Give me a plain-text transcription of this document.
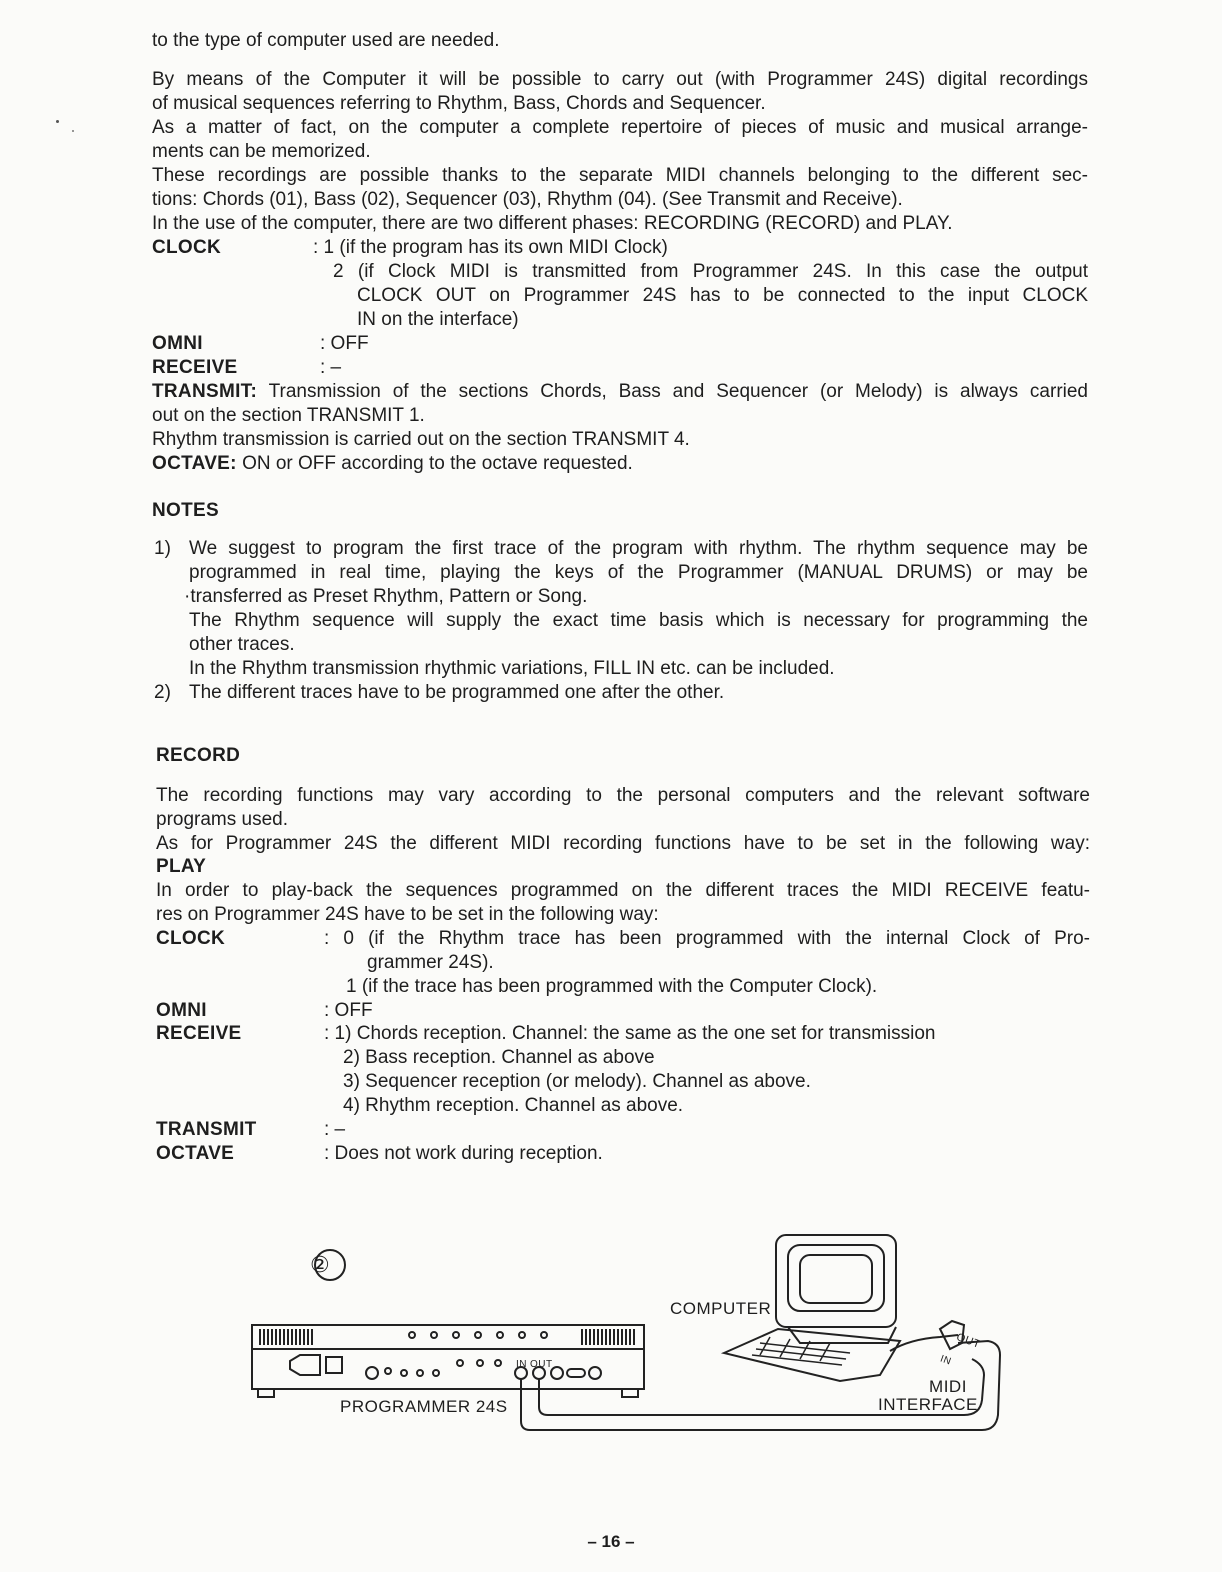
to the type of computer used are needed.
By means of the Computer it will be possible to carry out (with Programmer 24S) digital recordings
of musical sequences referring to Rhythm, Bass, Chords and Sequencer.
As a matter of fact, on the computer a complete repertoire of pieces of music and musical arrange-
ments can be memorized.
These recordings are possible thanks to the separate MIDI channels belonging to the different sec-
tions: Chords (01), Bass (02), Sequencer (03), Rhythm (04). (See Transmit and Receive).
In the use of the computer, there are two different phases: RECORDING (RECORD) and PLAY.
CLOCK	: 1 (if the program has its own MIDI Clock)
2 (if Clock MIDI is transmitted from Programmer 24S. In this case the output
CLOCK OUT on Programmer 24S has to be connected to the input CLOCK
IN on the interface)
OMNI	: OFF
RECEIVE	: –
TRANSMIT: Transmission of the sections Chords, Bass and Sequencer (or Melody) is always carried
out on the section TRANSMIT 1.
Rhythm transmission is carried out on the section TRANSMIT 4.
OCTAVE: ON or OFF according to the octave requested.
NOTES
1) We suggest to program the first trace of the program with rhythm. The rhythm sequence may be
programmed in real time, playing the keys of the Programmer (MANUAL DRUMS) or may be
·transferred as Preset Rhythm, Pattern or Song.
The Rhythm sequence will supply the exact time basis which is necessary for programming the
other traces.
In the Rhythm transmission rhythmic variations, FILL IN etc. can be included.
2) The different traces have to be programmed one after the other.
RECORD
The recording functions may vary according to the personal computers and the relevant software
programs used.
As for Programmer 24S the different MIDI recording functions have to be set in the following way:
PLAY
In order to play-back the sequences programmed on the different traces the MIDI RECEIVE featu-
res on Programmer 24S have to be set in the following way:
CLOCK	: 0 (if the Rhythm trace has been programmed with the internal Clock of Pro-
grammer 24S).
1 (if the trace has been programmed with the Computer Clock).
OMNI	: OFF
RECEIVE	: 1) Chords reception. Channel: the same as the one set for transmission
2) Bass reception. Channel as above
3) Sequencer reception (or melody). Channel as above.
4) Rhythm reception. Channel as above.
TRANSMIT	: –
OCTAVE	: Does not work during reception.
②
COMPUTER
PROGRAMMER 24S
IN OUT
OUT
IN
MIDI
INTERFACE
– 16 –
